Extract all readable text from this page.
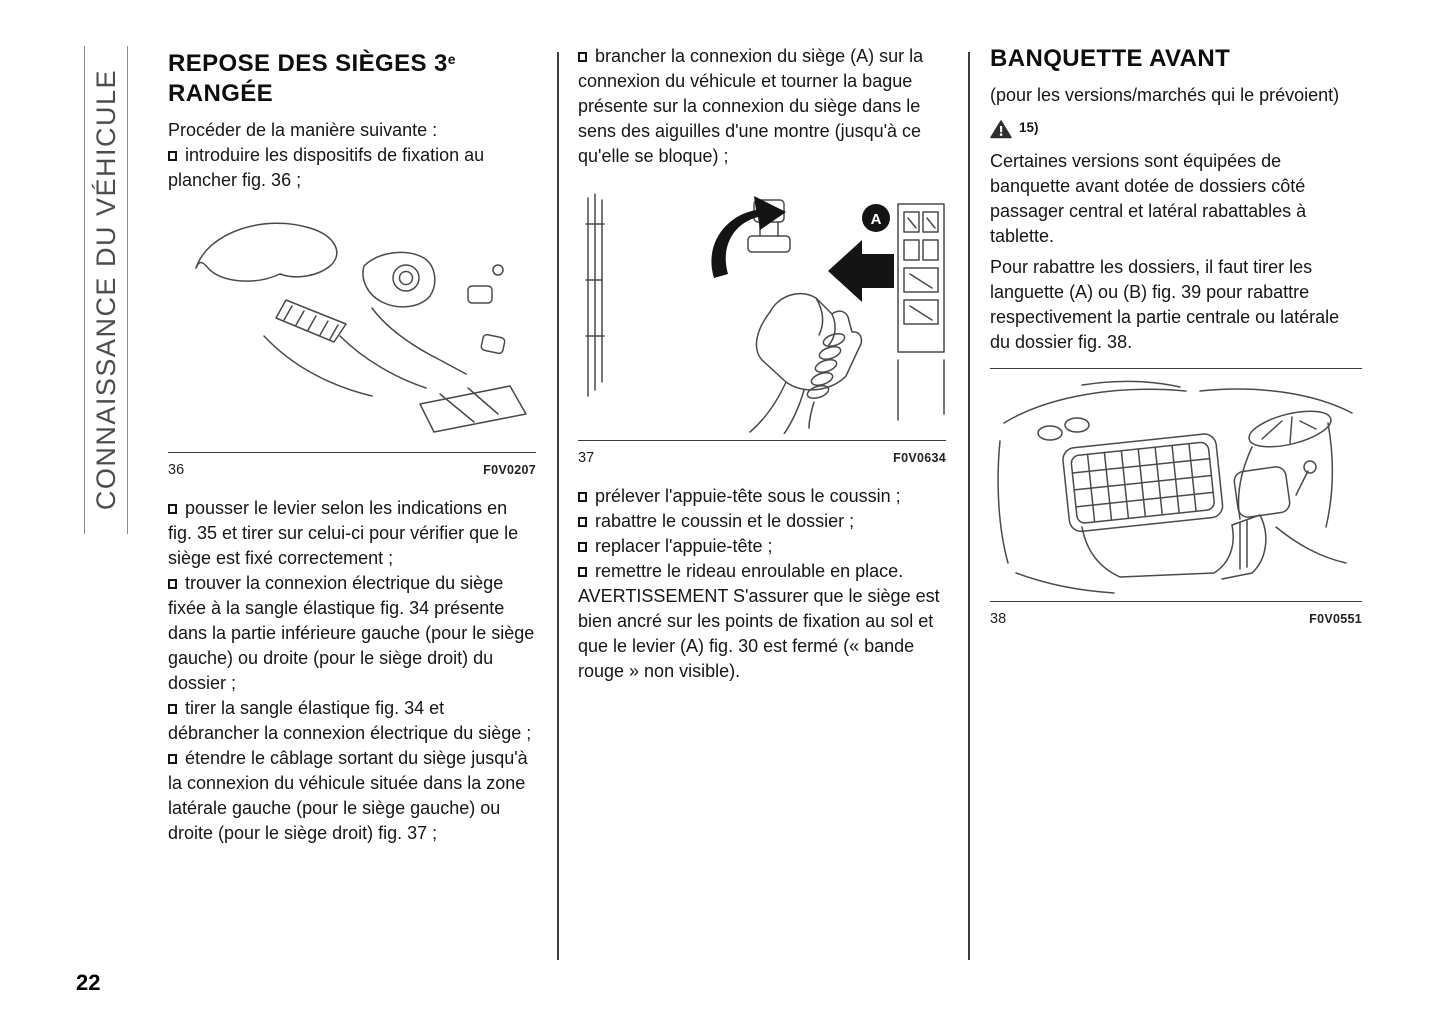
CONNAISSANCE DU VÉHICULE
REPOSE DES SIÈGES 3e
RANGÉE

Procéder de la manière suivante :

introduire les dispositifs de fixation au plancher fig. 36 ;

36	F0V0207

pousser le levier selon les indications en fig. 35 et tirer sur celui-ci pour vérifier que le siège est fixé correctement ;

trouver la connexion électrique du siège fixée à la sangle élastique fig. 34 présente dans la partie inférieure gauche (pour le siège gauche) ou droite (pour le siège droit) du dossier ;

tirer la sangle élastique fig. 34 et débrancher la connexion électrique du siège ;

étendre le câblage sortant du siège jusqu'à la connexion du véhicule située dans la zone latérale gauche (pour le siège gauche) ou droite (pour le siège droit) fig. 37 ;

brancher la connexion du siège (A) sur la connexion du véhicule et tourner la bague présente sur la connexion du siège dans le sens des aiguilles d'une montre (jusqu'à ce qu'elle se bloque) ;

A
37	F0V0634

prélever l'appuie-tête sous le coussin ;

rabattre le coussin et le dossier ;

replacer l'appuie-tête ;

remettre le rideau enroulable en place.

AVERTISSEMENT S'assurer que le siège est bien ancré sur les points de fixation au sol et que le levier (A) fig. 30 est fermé (« bande rouge » non visible).

BANQUETTE AVANT

(pour les versions/marchés qui le prévoient)

15)

Certaines versions sont équipées de banquette avant dotée de dossiers côté passager central et latéral rabattables à tablette.

Pour rabattre les dossiers, il faut tirer les languette (A) ou (B) fig. 39 pour rabattre respectivement la partie centrale ou latérale du dossier fig. 38.

38	F0V0551
22
